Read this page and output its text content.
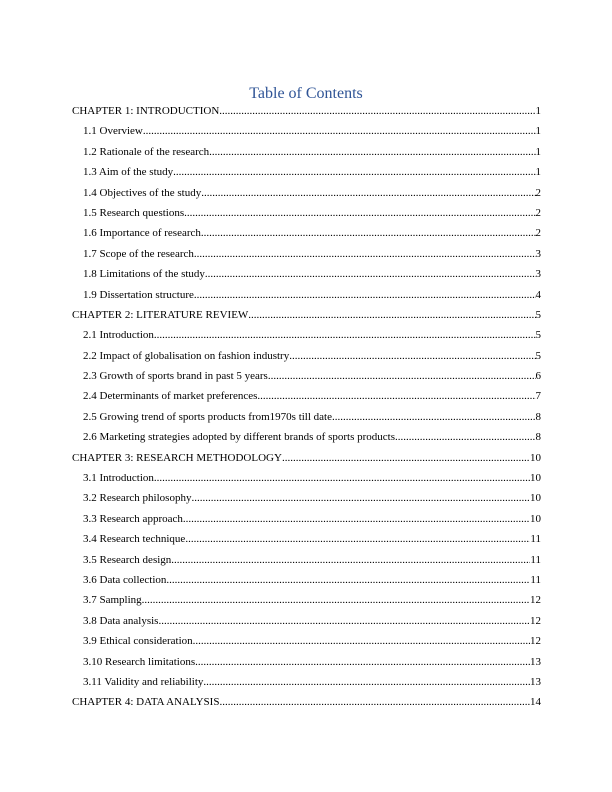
Table of Contents
CHAPTER 1: INTRODUCTION .....	1
1.1 Overview .....	1
1.2 Rationale of the research .....	1
1.3 Aim of the study .....	1
1.4 Objectives of the study .....	2
1.5 Research questions .....	2
1.6 Importance of research .....	2
1.7 Scope of the research .....	3
1.8 Limitations of the study .....	3
1.9 Dissertation structure .....	4
CHAPTER 2: LITERATURE REVIEW .....	5
2.1 Introduction .....	5
2.2 Impact of globalisation on fashion industry .....	5
2.3 Growth of sports brand in past 5 years .....	6
2.4 Determinants of market preferences .....	7
2.5 Growing trend of sports products from1970s till date .....	8
2.6 Marketing strategies adopted by different brands of sports products .....	8
CHAPTER 3: RESEARCH METHODOLOGY .....	10
3.1 Introduction .....	10
3.2 Research philosophy .....	10
3.3 Research approach .....	10
3.4 Research technique .....	11
3.5 Research design .....	11
3.6 Data collection .....	11
3.7 Sampling .....	12
3.8 Data analysis .....	12
3.9 Ethical consideration .....	12
3.10 Research limitations .....	13
3.11 Validity and reliability .....	13
CHAPTER 4: DATA ANALYSIS .....	14
